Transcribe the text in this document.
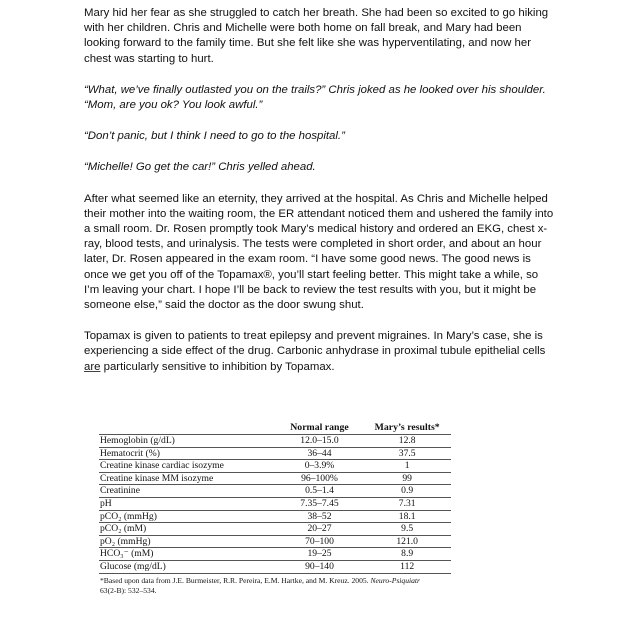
Mary hid her fear as she struggled to catch her breath. She had been so excited to go hiking with her children. Chris and Michelle were both home on fall break, and Mary had been looking forward to the family time. But she felt like she was hyperventilating, and now her chest was starting to hurt.

“What, we’ve finally outlasted you on the trails?” Chris joked as he looked over his shoulder. “Mom, are you ok? You look awful.”

“Don’t panic, but I think I need to go to the hospital.”

“Michelle! Go get the car!” Chris yelled ahead.

After what seemed like an eternity, they arrived at the hospital. As Chris and Michelle helped their mother into the waiting room, the ER attendant noticed them and ushered the family into a small room. Dr. Rosen promptly took Mary’s medical history and ordered an EKG, chest x-ray, blood tests, and urinalysis. The tests were completed in short order, and about an hour later, Dr. Rosen appeared in the exam room. “I have some good news. The good news is once we get you off of the Topamax®, you’ll start feeling better. This might take a while, so I’m leaving your chart. I hope I’ll be back to review the test results with you, but it might be someone else,” said the doctor as the door swung shut.

Topamax is given to patients to treat epilepsy and prevent migraines. In Mary’s case, she is experiencing a side effect of the drug. Carbonic anhydrase in proximal tubule epithelial cells are particularly sensitive to inhibition by Topamax.

	Normal range	Mary’s results*
Hemoglobin (g/dL)	12.0–15.0	12.8
Hematocrit (%)	36–44	37.5
Creatine kinase cardiac isozyme	0–3.9%	1
Creatine kinase MM isozyme	96–100%	99
Creatinine	0.5–1.4	0.9
pH	7.35–7.45	7.31
pCO₂ (mmHg)	38–52	18.1
pCO₂ (mM)	20–27	9.5
pO₂ (mmHg)	70–100	121.0
HCO₃⁻ (mM)	19–25	8.9
Glucose (mg/dL)	90–140	112
*Based upon data from J.E. Burmeister, R.R. Pereira, E.M. Hartke, and M. Kreuz. 2005. Neuro-Psiquiatr
63(2-B): 532–534.
